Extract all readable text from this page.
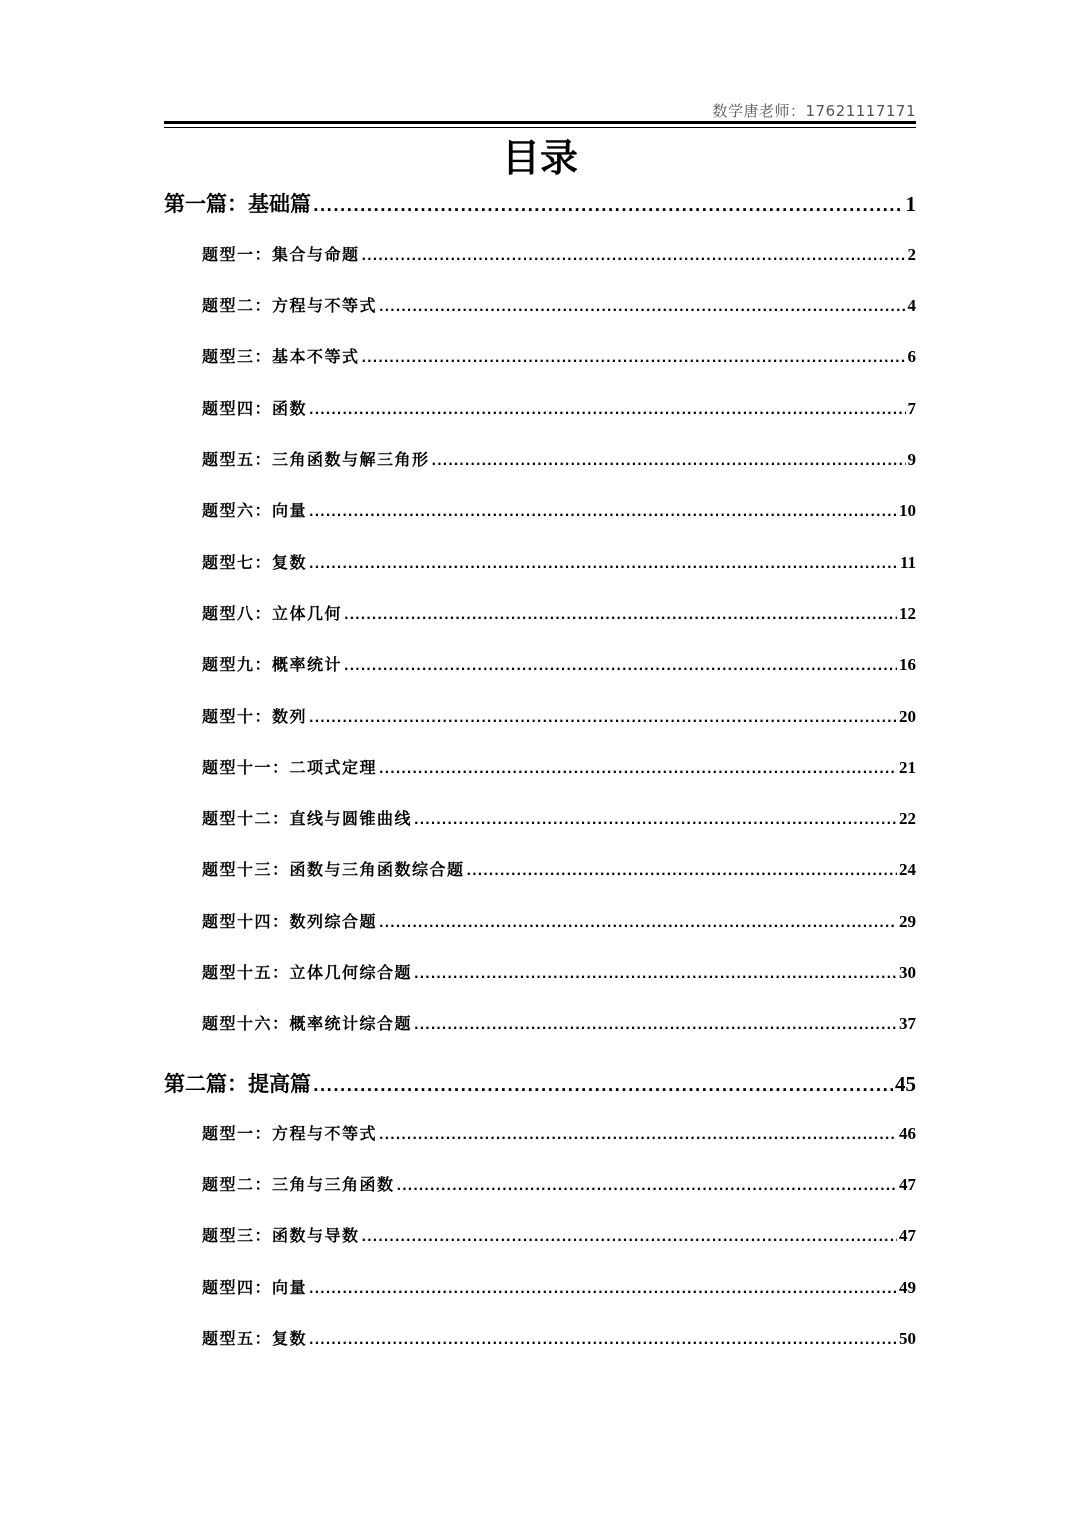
数学唐老师：17621117171
目录
第一篇：基础篇 .....	1
题型一：集合与命题 .....	2
题型二：方程与不等式 .....	4
题型三：基本不等式 .....	6
题型四：函数 .....	7
题型五：三角函数与解三角形 .....	9
题型六：向量 .....	10
题型七：复数 .....	11
题型八：立体几何 .....	12
题型九：概率统计 .....	16
题型十：数列 .....	20
题型十一：二项式定理 .....	21
题型十二：直线与圆锥曲线 .....	22
题型十三：函数与三角函数综合题 .....	24
题型十四：数列综合题 .....	29
题型十五：立体几何综合题 .....	30
题型十六：概率统计综合题 .....	37
第二篇：提高篇 .....	45
题型一：方程与不等式 .....	46
题型二：三角与三角函数 .....	47
题型三：函数与导数 .....	47
题型四：向量 .....	49
题型五：复数 .....	50
